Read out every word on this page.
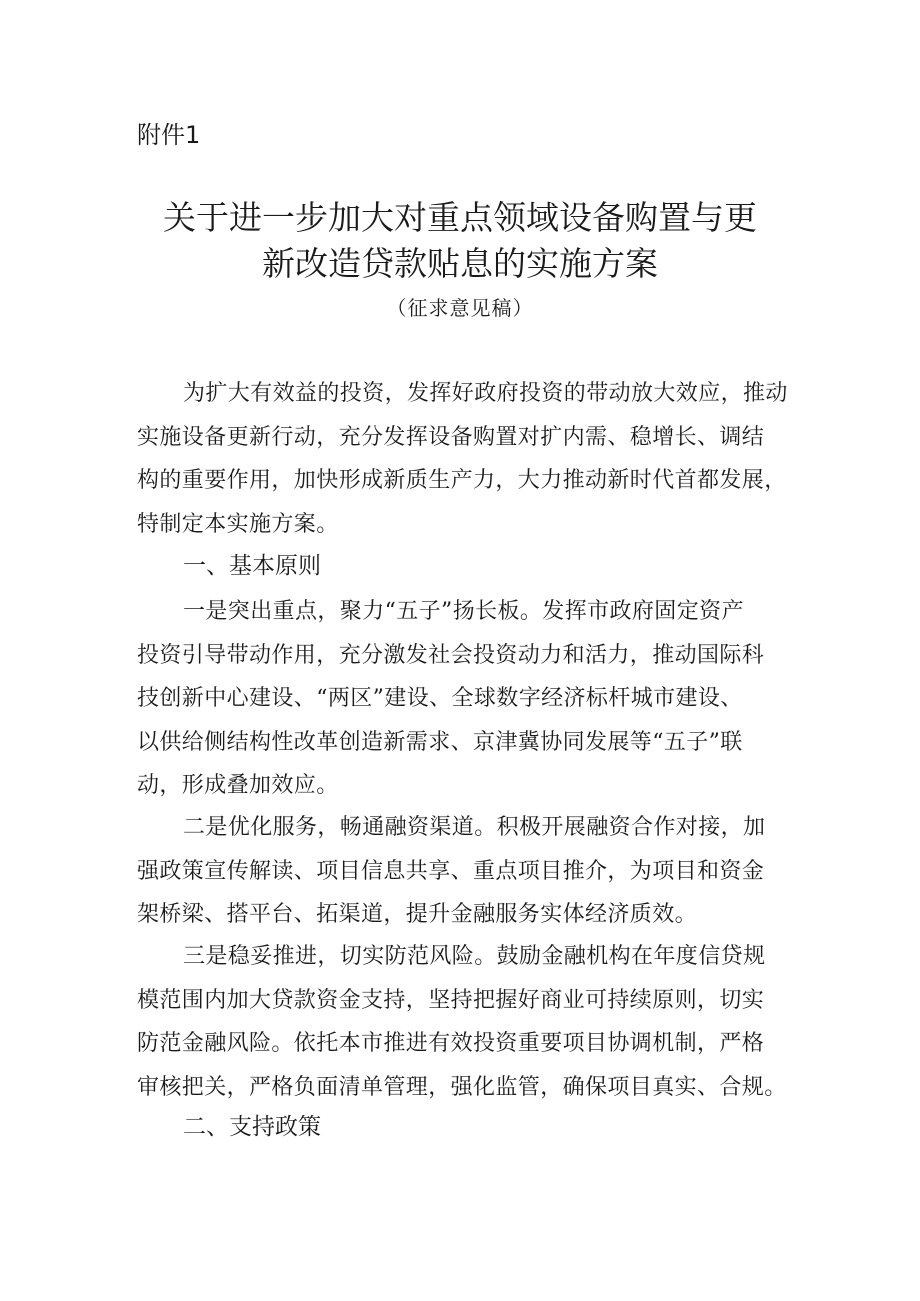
附件1
关于进一步加大对重点领域设备购置与更
新改造贷款贴息的实施方案
（征求意见稿）
为扩大有效益的投资，发挥好政府投资的带动放大效应，推动
实施设备更新行动，充分发挥设备购置对扩内需、稳增长、调结
构的重要作用，加快形成新质生产力，大力推动新时代首都发展，
特制定本实施方案。
一、基本原则
一是突出重点，聚力“五子”扬长板。发挥市政府固定资产
投资引导带动作用，充分激发社会投资动力和活力，推动国际科
技创新中心建设、“两区”建设、全球数字经济标杆城市建设、
以供给侧结构性改革创造新需求、京津冀协同发展等“五子”联
动，形成叠加效应。
二是优化服务，畅通融资渠道。积极开展融资合作对接，加
强政策宣传解读、项目信息共享、重点项目推介，为项目和资金
架桥梁、搭平台、拓渠道，提升金融服务实体经济质效。
三是稳妥推进，切实防范风险。鼓励金融机构在年度信贷规
模范围内加大贷款资金支持，坚持把握好商业可持续原则，切实
防范金融风险。依托本市推进有效投资重要项目协调机制，严格
审核把关，严格负面清单管理，强化监管，确保项目真实、合规。
二、支持政策
